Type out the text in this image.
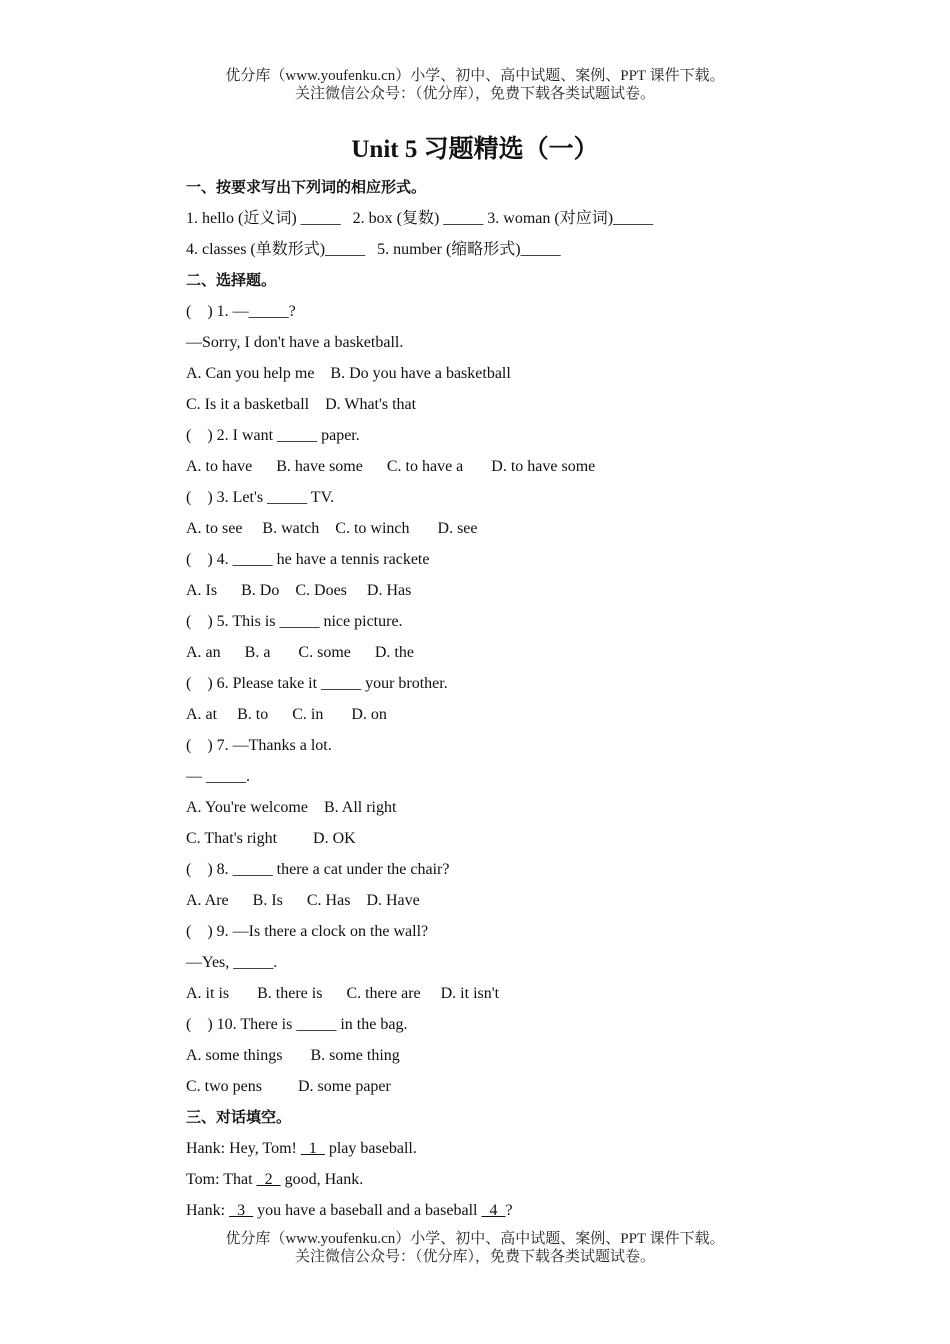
优分库（www.youfenku.cn）小学、初中、高中试题、案例、PPT 课件下载。
关注微信公众号：（优分库），免费下载各类试题试卷。
Unit 5 习题精选（一）
一、按要求写出下列词的相应形式。
1. hello (近义词) _____   2. box (复数) _____ 3. woman (对应词)_____
4. classes (单数形式)_____   5. number (缩略形式)_____
二、选择题。
(    ) 1. —_____?
—Sorry, I don't have a basketball.
A. Can you help me    B. Do you have a basketball
C. Is it a basketball    D. What's that
(    ) 2. I want _____ paper.
A. to have      B. have some      C. to have a       D. to have some
(    ) 3. Let's _____ TV.
A. to see     B. watch    C. to winch       D. see
(    ) 4. _____ he have a tennis rackete
A. Is      B. Do    C. Does     D. Has
(    ) 5. This is _____ nice picture.
A. an      B. a       C. some      D. the
(    ) 6. Please take it _____ your brother.
A. at     B. to      C. in       D. on
(    ) 7. —Thanks a lot.
— _____.
A. You're welcome    B. All right
C. That's right         D. OK
(    ) 8. _____ there a cat under the chair?
A. Are      B. Is      C. Has    D. Have
(    ) 9. —Is there a clock on the wall?
—Yes, _____.
A. it is       B. there is      C. there are     D. it isn't
(    ) 10. There is _____ in the bag.
A. some things       B. some thing
C. two pens         D. some paper
三、对话填空。
Hank: Hey, Tom!   1   play baseball.
Tom: That   2   good, Hank.
Hank:   3   you have a baseball and a baseball   4  ?
优分库（www.youfenku.cn）小学、初中、高中试题、案例、PPT 课件下载。
关注微信公众号：（优分库），免费下载各类试题试卷。
